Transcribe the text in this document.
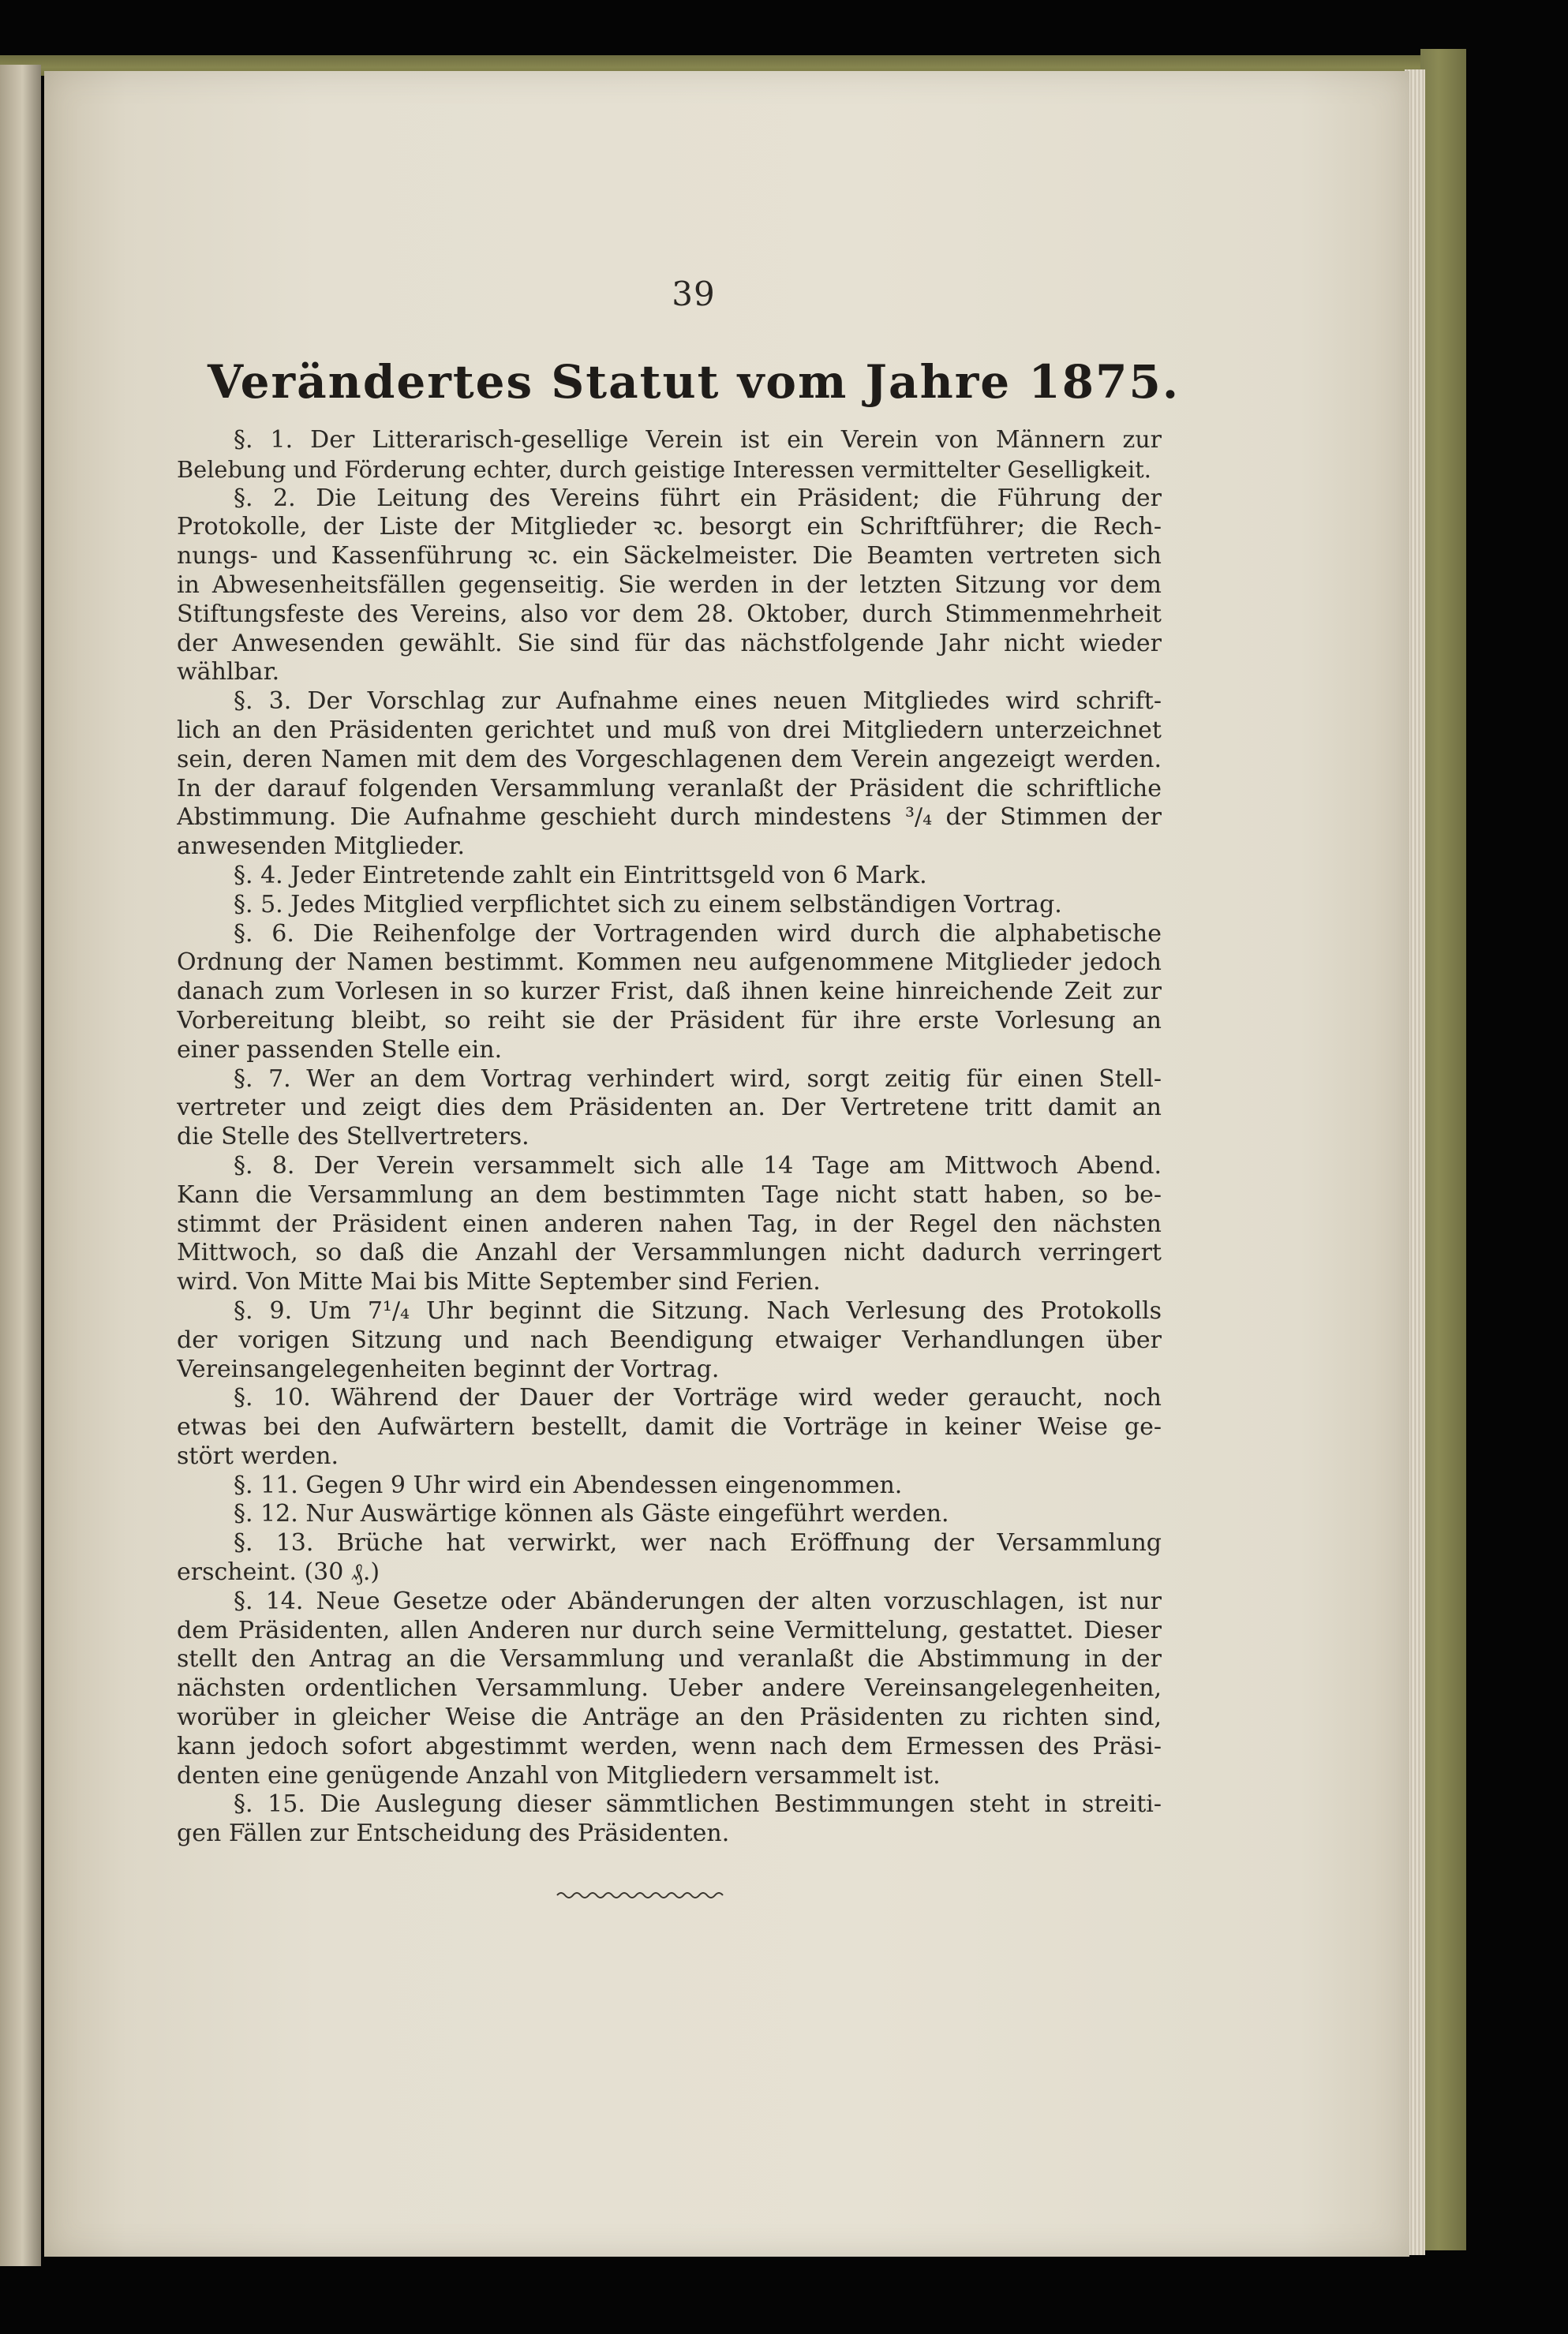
39
Verändertes Statut vom Jahre 1875.
§. 1. Der Litterarisch-gesellige Verein ist ein Verein von Männern zur
Belebung und Förderung echter, durch geistige Interessen vermittelter Geselligkeit.
§. 2. Die Leitung des Vereins führt ein Präsident; die Führung der
Protokolle, der Liste der Mitglieder ꝛc. besorgt ein Schriftführer; die Rech-
nungs- und Kassenführung ꝛc. ein Säckelmeister. Die Beamten vertreten sich
in Abwesenheitsfällen gegenseitig. Sie werden in der letzten Sitzung vor dem
Stiftungsfeste des Vereins, also vor dem 28. Oktober, durch Stimmenmehrheit
der Anwesenden gewählt. Sie sind für das nächstfolgende Jahr nicht wieder
wählbar.
§. 3. Der Vorschlag zur Aufnahme eines neuen Mitgliedes wird schrift-
lich an den Präsidenten gerichtet und muß von drei Mitgliedern unterzeichnet
sein, deren Namen mit dem des Vorgeschlagenen dem Verein angezeigt werden.
In der darauf folgenden Versammlung veranlaßt der Präsident die schriftliche
Abstimmung. Die Aufnahme geschieht durch mindestens ³/₄ der Stimmen der
anwesenden Mitglieder.
§. 4. Jeder Eintretende zahlt ein Eintrittsgeld von 6 Mark.
§. 5. Jedes Mitglied verpflichtet sich zu einem selbständigen Vortrag.
§. 6. Die Reihenfolge der Vortragenden wird durch die alphabetische
Ordnung der Namen bestimmt. Kommen neu aufgenommene Mitglieder jedoch
danach zum Vorlesen in so kurzer Frist, daß ihnen keine hinreichende Zeit zur
Vorbereitung bleibt, so reiht sie der Präsident für ihre erste Vorlesung an
einer passenden Stelle ein.
§. 7. Wer an dem Vortrag verhindert wird, sorgt zeitig für einen Stell-
vertreter und zeigt dies dem Präsidenten an. Der Vertretene tritt damit an
die Stelle des Stellvertreters.
§. 8. Der Verein versammelt sich alle 14 Tage am Mittwoch Abend.
Kann die Versammlung an dem bestimmten Tage nicht statt haben, so be-
stimmt der Präsident einen anderen nahen Tag, in der Regel den nächsten
Mittwoch, so daß die Anzahl der Versammlungen nicht dadurch verringert
wird. Von Mitte Mai bis Mitte September sind Ferien.
§. 9. Um 7¹/₄ Uhr beginnt die Sitzung. Nach Verlesung des Protokolls
der vorigen Sitzung und nach Beendigung etwaiger Verhandlungen über
Vereinsangelegenheiten beginnt der Vortrag.
§. 10. Während der Dauer der Vorträge wird weder geraucht, noch
etwas bei den Aufwärtern bestellt, damit die Vorträge in keiner Weise ge-
stört werden.
§. 11. Gegen 9 Uhr wird ein Abendessen eingenommen.
§. 12. Nur Auswärtige können als Gäste eingeführt werden.
§. 13. Brüche hat verwirkt, wer nach Eröffnung der Versammlung
erscheint. (30 ₰.)
§. 14. Neue Gesetze oder Abänderungen der alten vorzuschlagen, ist nur
dem Präsidenten, allen Anderen nur durch seine Vermittelung, gestattet. Dieser
stellt den Antrag an die Versammlung und veranlaßt die Abstimmung in der
nächsten ordentlichen Versammlung. Ueber andere Vereinsangelegenheiten,
worüber in gleicher Weise die Anträge an den Präsidenten zu richten sind,
kann jedoch sofort abgestimmt werden, wenn nach dem Ermessen des Präsi-
denten eine genügende Anzahl von Mitgliedern versammelt ist.
§. 15. Die Auslegung dieser sämmtlichen Bestimmungen steht in streiti-
gen Fällen zur Entscheidung des Präsidenten.
